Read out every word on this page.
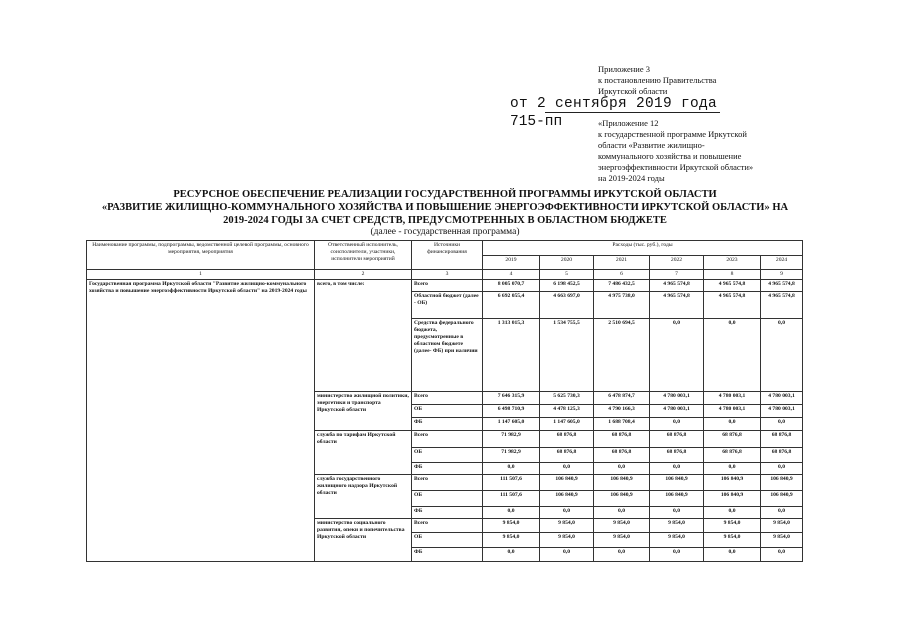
Приложение 3
к постановлению Правительства
Иркутской области
от 2 сентября 2019 года
715-пп	«Приложение 12
к государственной программе Иркутской
области «Развитие жилищно-
коммунального хозяйства и повышение
энергоэффективности Иркутской области»
на 2019-2024 годы
РЕСУРСНОЕ ОБЕСПЕЧЕНИЕ РЕАЛИЗАЦИИ ГОСУДАРСТВЕННОЙ ПРОГРАММЫ ИРКУТСКОЙ ОБЛАСТИ
«РАЗВИТИЕ ЖИЛИЩНО-КОММУНАЛЬНОГО ХОЗЯЙСТВА И ПОВЫШЕНИЕ ЭНЕРГОЭФФЕКТИВНОСТИ ИРКУТСКОЙ ОБЛАСТИ» НА
2019-2024 ГОДЫ ЗА СЧЕТ СРЕДСТВ, ПРЕДУСМОТРЕННЫХ В ОБЛАСТНОМ БЮДЖЕТЕ
(далее - государственная программа)
Наименование программы, подпрограммы, ведомственной целевой программы, основного мероприятия, мероприятия	Ответственный исполнитель, соисполнители, участники, исполнители мероприятий	Источники финансирования	Расходы (тыс. руб.), годы					
			2019	2020	2021	2022	2023	2024
1	2	3	4	5	6	7	8	9
Государственная программа Иркутской области "Развитие жилищно-коммунального хозяйства и повышение энергоэффективности Иркутской области" на 2019-2024 годы	всего, в том числе:	Всего	8 005 070,7	6 198 452,5	7 486 432,5	4 965 574,8	4 965 574,8	4 965 574,8
		Областной бюджет (далее - ОБ)	6 692 055,4	4 663 697,0	4 975 738,0	4 965 574,8	4 965 574,8	4 965 574,8
		Средства федерального бюджета, предусмотренные в областном бюджете (далее- ФБ) при наличии	1 313 015,3	1 534 755,5	2 510 694,5	0,0	0,0	0,0
	министерство жилищной политики, энергетики и транспорта Иркутской области	Всего	7 646 315,9	5 625 730,3	6 478 874,7	4 780 003,1	4 780 003,1	4 780 003,1
		ОБ	6 498 710,9	4 478 125,3	4 790 166,3	4 780 003,1	4 780 003,1	4 780 003,1
		ФБ	1 147 605,0	1 147 605,0	1 688 708,4	0,0	0,0	0,0
	служба по тарифам Иркутской области	Всего	71 982,9	68 876,8	68 876,8	68 876,8	68 876,8	68 876,8
		ОБ	71 982,9	68 876,8	68 876,8	68 876,8	68 876,8	68 876,8
		ФБ	0,0	0,0	0,0	0,0	0,0	0,0
	служба государственного жилищного надзора Иркутской области	Всего	111 507,6	106 840,9	106 840,9	106 840,9	106 840,9	106 840,9
		ОБ	111 507,6	106 840,9	106 840,9	106 840,9	106 840,9	106 840,9
		ФБ	0,0	0,0	0,0	0,0	0,0	0,0
	министерство социального развития, опеки и попечительства Иркутской области	Всего	9 854,0	9 854,0	9 854,0	9 854,0	9 854,0	9 854,0
		ОБ	9 854,0	9 854,0	9 854,0	9 854,0	9 854,0	9 854,0
		ФБ	0,0	0,0	0,0	0,0	0,0	0,0
